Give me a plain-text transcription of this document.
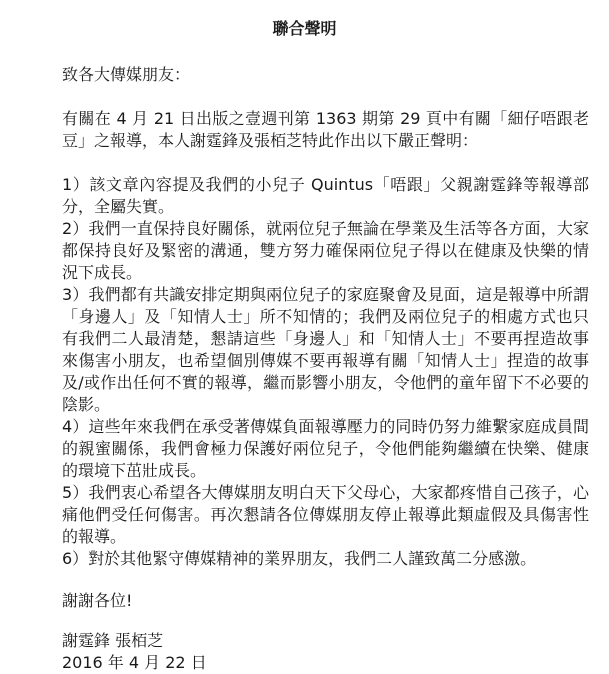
聯合聲明

致各大傳媒朋友：

有關在 4 月 21 日出版之壹週刊第 1363 期第 29 頁中有關「細仔唔跟老豆」之報導，本人謝霆鋒及張栢芝特此作出以下嚴正聲明：

1）該文章內容提及我們的小兒子 Quintus「唔跟」父親謝霆鋒等報導部分，全屬失實。

2）我們一直保持良好關係，就兩位兒子無論在學業及生活等各方面，大家都保持良好及緊密的溝通，雙方努力確保兩位兒子得以在健康及快樂的情況下成長。

3）我們都有共識安排定期與兩位兒子的家庭聚會及見面，這是報導中所謂「身邊人」及「知情人士」所不知情的；我們及兩位兒子的相處方式也只有我們二人最清楚，懇請這些「身邊人」和「知情人士」不要再捏造故事來傷害小朋友，也希望個別傳媒不要再報導有關「知情人士」捏造的故事及/或作出任何不實的報導，繼而影響小朋友，令他們的童年留下不必要的陰影。

4）這些年來我們在承受著傳媒負面報導壓力的同時仍努力維繫家庭成員間的親蜜關係，我們會極力保護好兩位兒子，令他們能夠繼續在快樂、健康的環境下茁壯成長。

5）我們衷心希望各大傳媒朋友明白天下父母心，大家都疼惜自己孩子，心痛他們受任何傷害。再次懇請各位傳媒朋友停止報導此類虛假及具傷害性的報導。

6）對於其他緊守傳媒精神的業界朋友，我們二人謹致萬二分感激。

謝謝各位!

謝霆鋒 張栢芝

2016 年 4 月 22 日
